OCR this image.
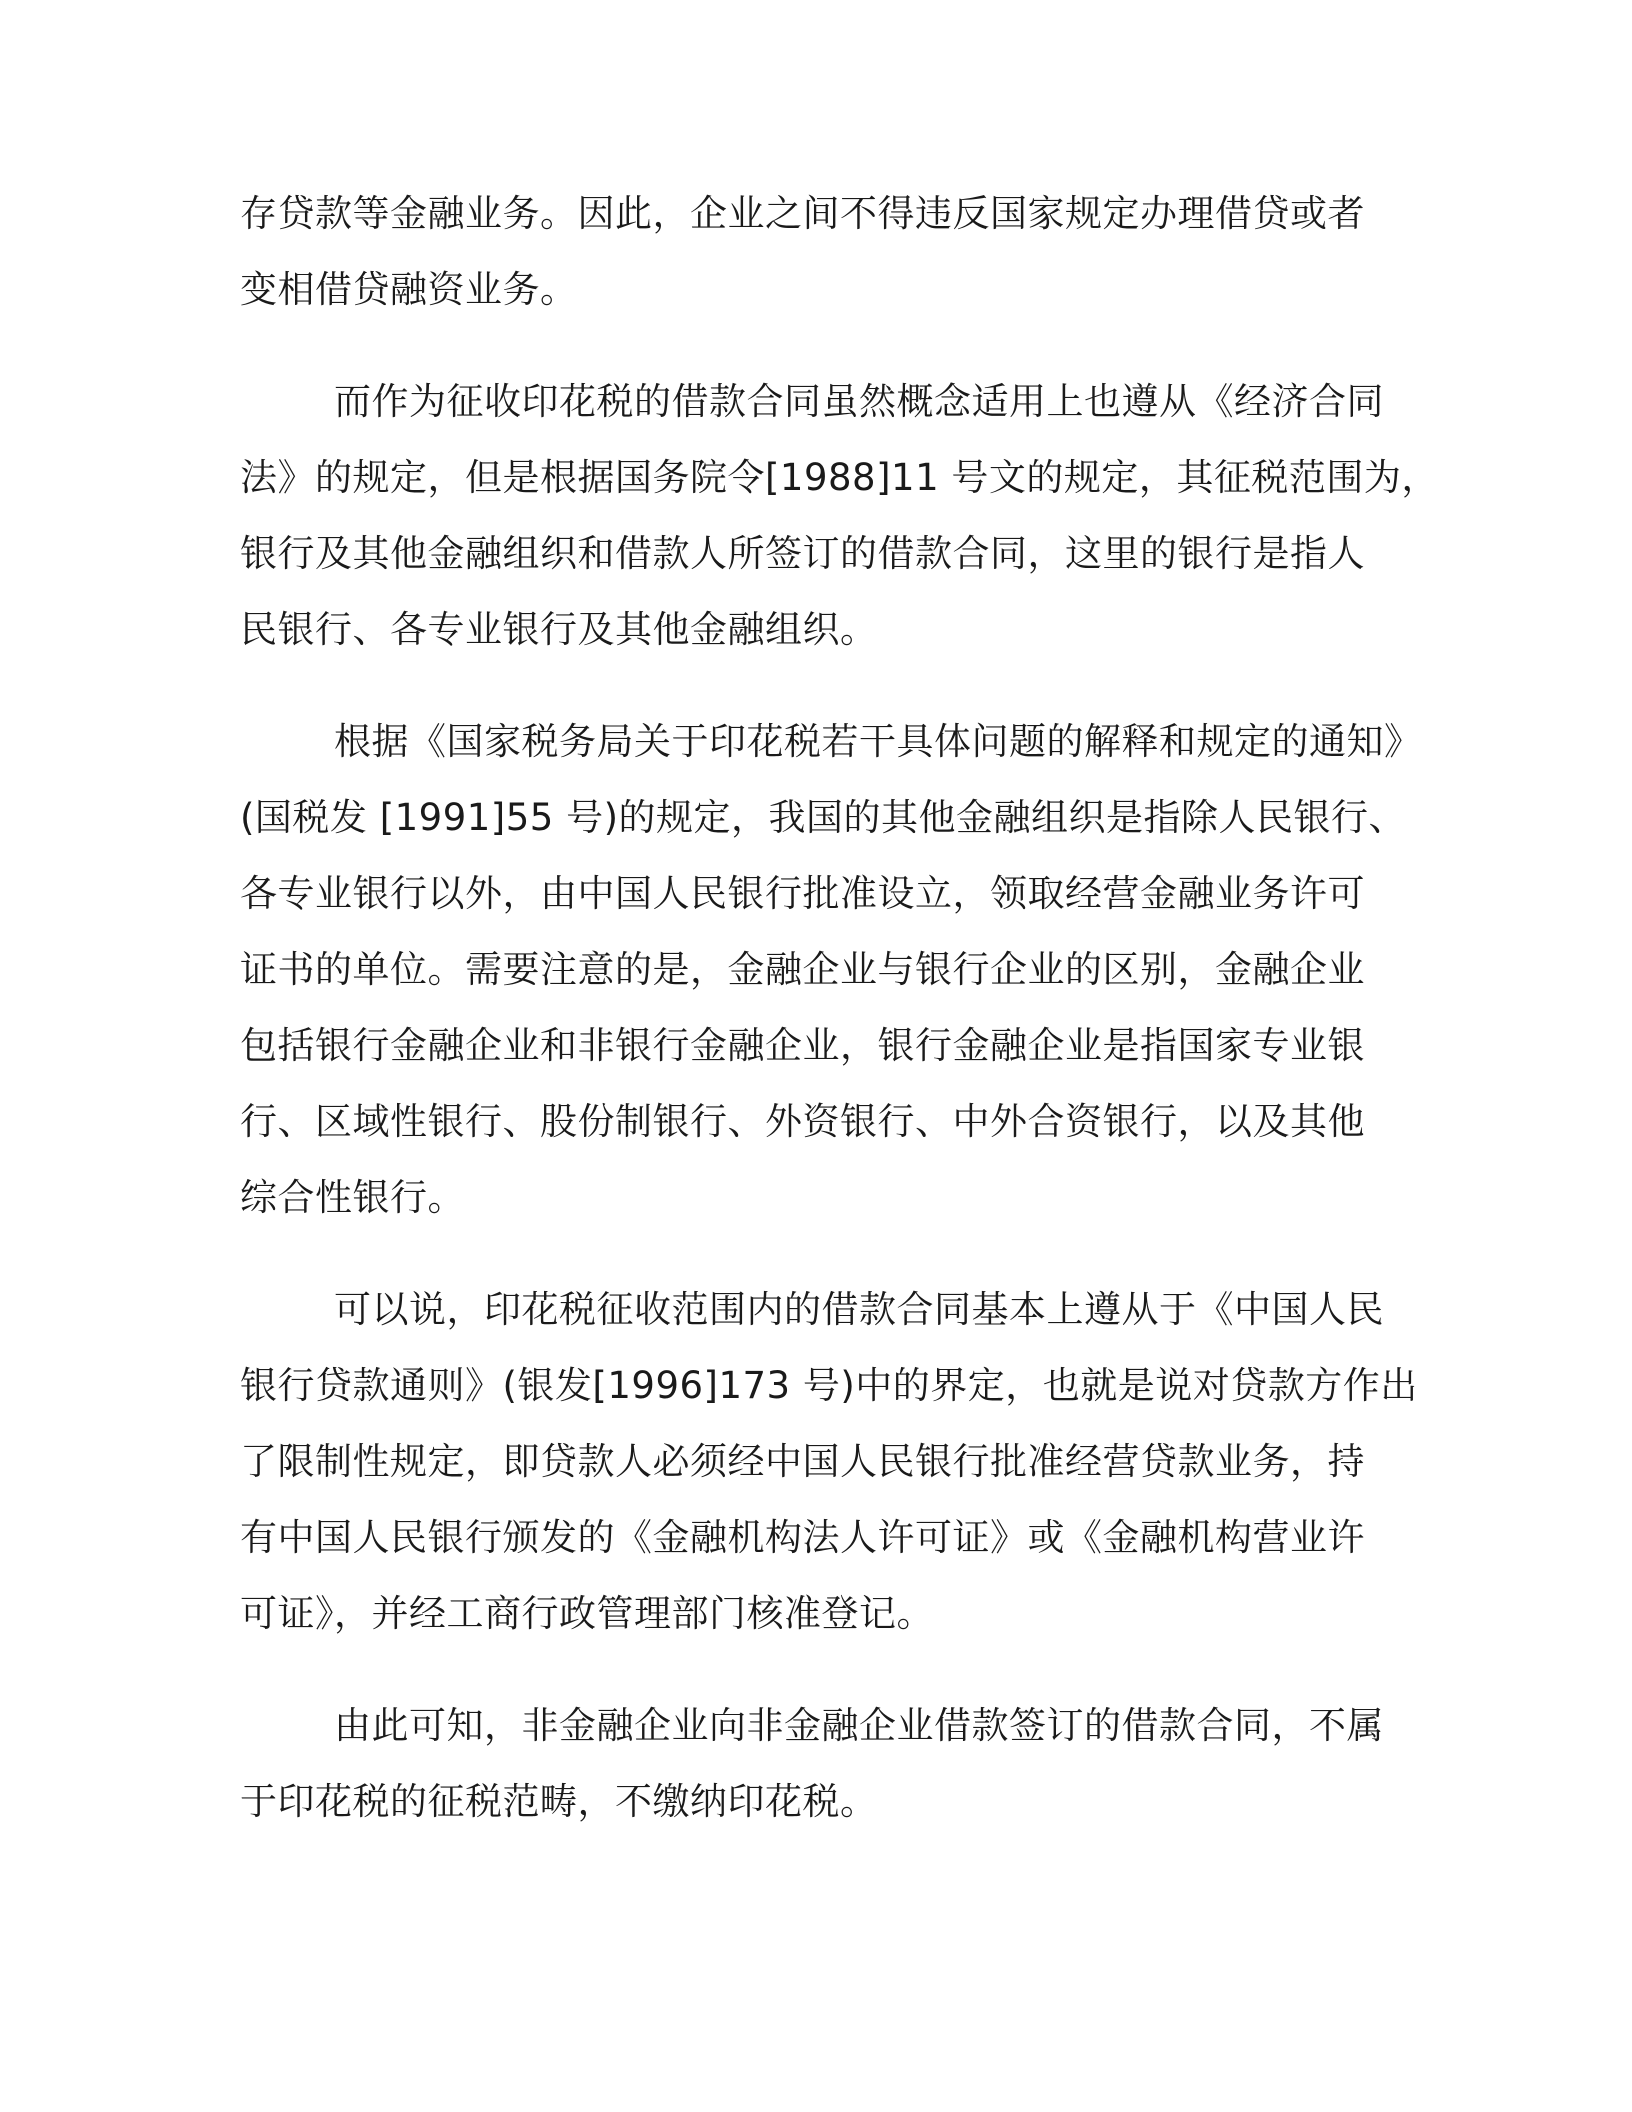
存贷款等金融业务。因此，企业之间不得违反国家规定办理借贷或者
变相借贷融资业务。
而作为征收印花税的借款合同虽然概念适用上也遵从《经济合同
法》的规定，但是根据国务院令[1988]11 号文的规定，其征税范围为，
银行及其他金融组织和借款人所签订的借款合同，这里的银行是指人
民银行、各专业银行及其他金融组织。
根据《国家税务局关于印花税若干具体问题的解释和规定的通知》
(国税发 [1991]55 号)的规定，我国的其他金融组织是指除人民银行、
各专业银行以外，由中国人民银行批准设立，领取经营金融业务许可
证书的单位。需要注意的是，金融企业与银行企业的区别，金融企业
包括银行金融企业和非银行金融企业，银行金融企业是指国家专业银
行、区域性银行、股份制银行、外资银行、中外合资银行，以及其他
综合性银行。
可以说，印花税征收范围内的借款合同基本上遵从于《中国人民
银行贷款通则》(银发[1996]173 号)中的界定，也就是说对贷款方作出
了限制性规定，即贷款人必须经中国人民银行批准经营贷款业务，持
有中国人民银行颁发的《金融机构法人许可证》或《金融机构营业许
可证》，并经工商行政管理部门核准登记。
由此可知，非金融企业向非金融企业借款签订的借款合同，不属
于印花税的征税范畴，不缴纳印花税。
